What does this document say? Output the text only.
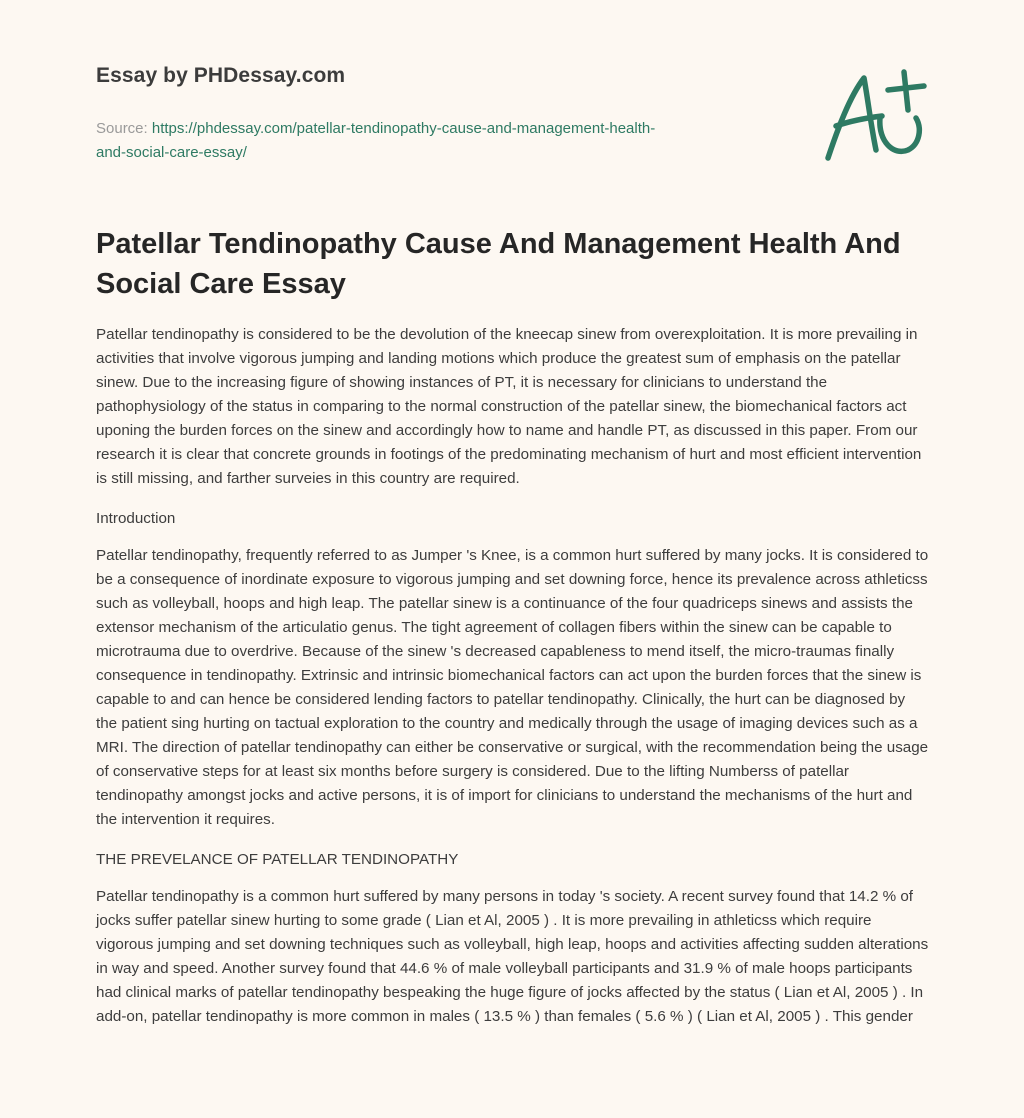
Essay by PHDessay.com

Source: https://phdessay.com/patellar-tendinopathy-cause-and-management-health-
and-social-care-essay/
Patellar Tendinopathy Cause And Management Health And Social Care Essay

Patellar tendinopathy is considered to be the devolution of the kneecap sinew from overexploitation. It is more prevailing in activities that involve vigorous jumping and landing motions which produce the greatest sum of emphasis on the patellar sinew. Due to the increasing figure of showing instances of PT, it is necessary for clinicians to understand the pathophysiology of the status in comparing to the normal construction of the patellar sinew, the biomechanical factors act uponing the burden forces on the sinew and accordingly how to name and handle PT, as discussed in this paper. From our research it is clear that concrete grounds in footings of the predominating mechanism of hurt and most efficient intervention is still missing, and farther surveies in this country are required.

Introduction

Patellar tendinopathy, frequently referred to as Jumper 's Knee, is a common hurt suffered by many jocks. It is considered to be a consequence of inordinate exposure to vigorous jumping and set downing force, hence its prevalence across athleticss such as volleyball, hoops and high leap. The patellar sinew is a continuance of the four quadriceps sinews and assists the extensor mechanism of the articulatio genus. The tight agreement of collagen fibers within the sinew can be capable to microtrauma due to overdrive. Because of the sinew 's decreased capableness to mend itself, the micro-traumas finally consequence in tendinopathy. Extrinsic and intrinsic biomechanical factors can act upon the burden forces that the sinew is capable to and can hence be considered lending factors to patellar tendinopathy. Clinically, the hurt can be diagnosed by the patient sing hurting on tactual exploration to the country and medically through the usage of imaging devices such as a MRI. The direction of patellar tendinopathy can either be conservative or surgical, with the recommendation being the usage of conservative steps for at least six months before surgery is considered. Due to the lifting Numberss of patellar tendinopathy amongst jocks and active persons, it is of import for clinicians to understand the mechanisms of the hurt and the intervention it requires.

THE PREVELANCE OF PATELLAR TENDINOPATHY

Patellar tendinopathy is a common hurt suffered by many persons in today 's society. A recent survey found that 14.2 % of jocks suffer patellar sinew hurting to some grade ( Lian et Al, 2005 ) . It is more prevailing in athleticss which require vigorous jumping and set downing techniques such as volleyball, high leap, hoops and activities affecting sudden alterations in way and speed. Another survey found that 44.6 % of male volleyball participants and 31.9 % of male hoops participants had clinical marks of patellar tendinopathy bespeaking the huge figure of jocks affected by the status ( Lian et Al, 2005 ) . In add-on, patellar tendinopathy is more common in males ( 13.5 % ) than females ( 5.6 % ) ( Lian et Al, 2005 ) . This gender
